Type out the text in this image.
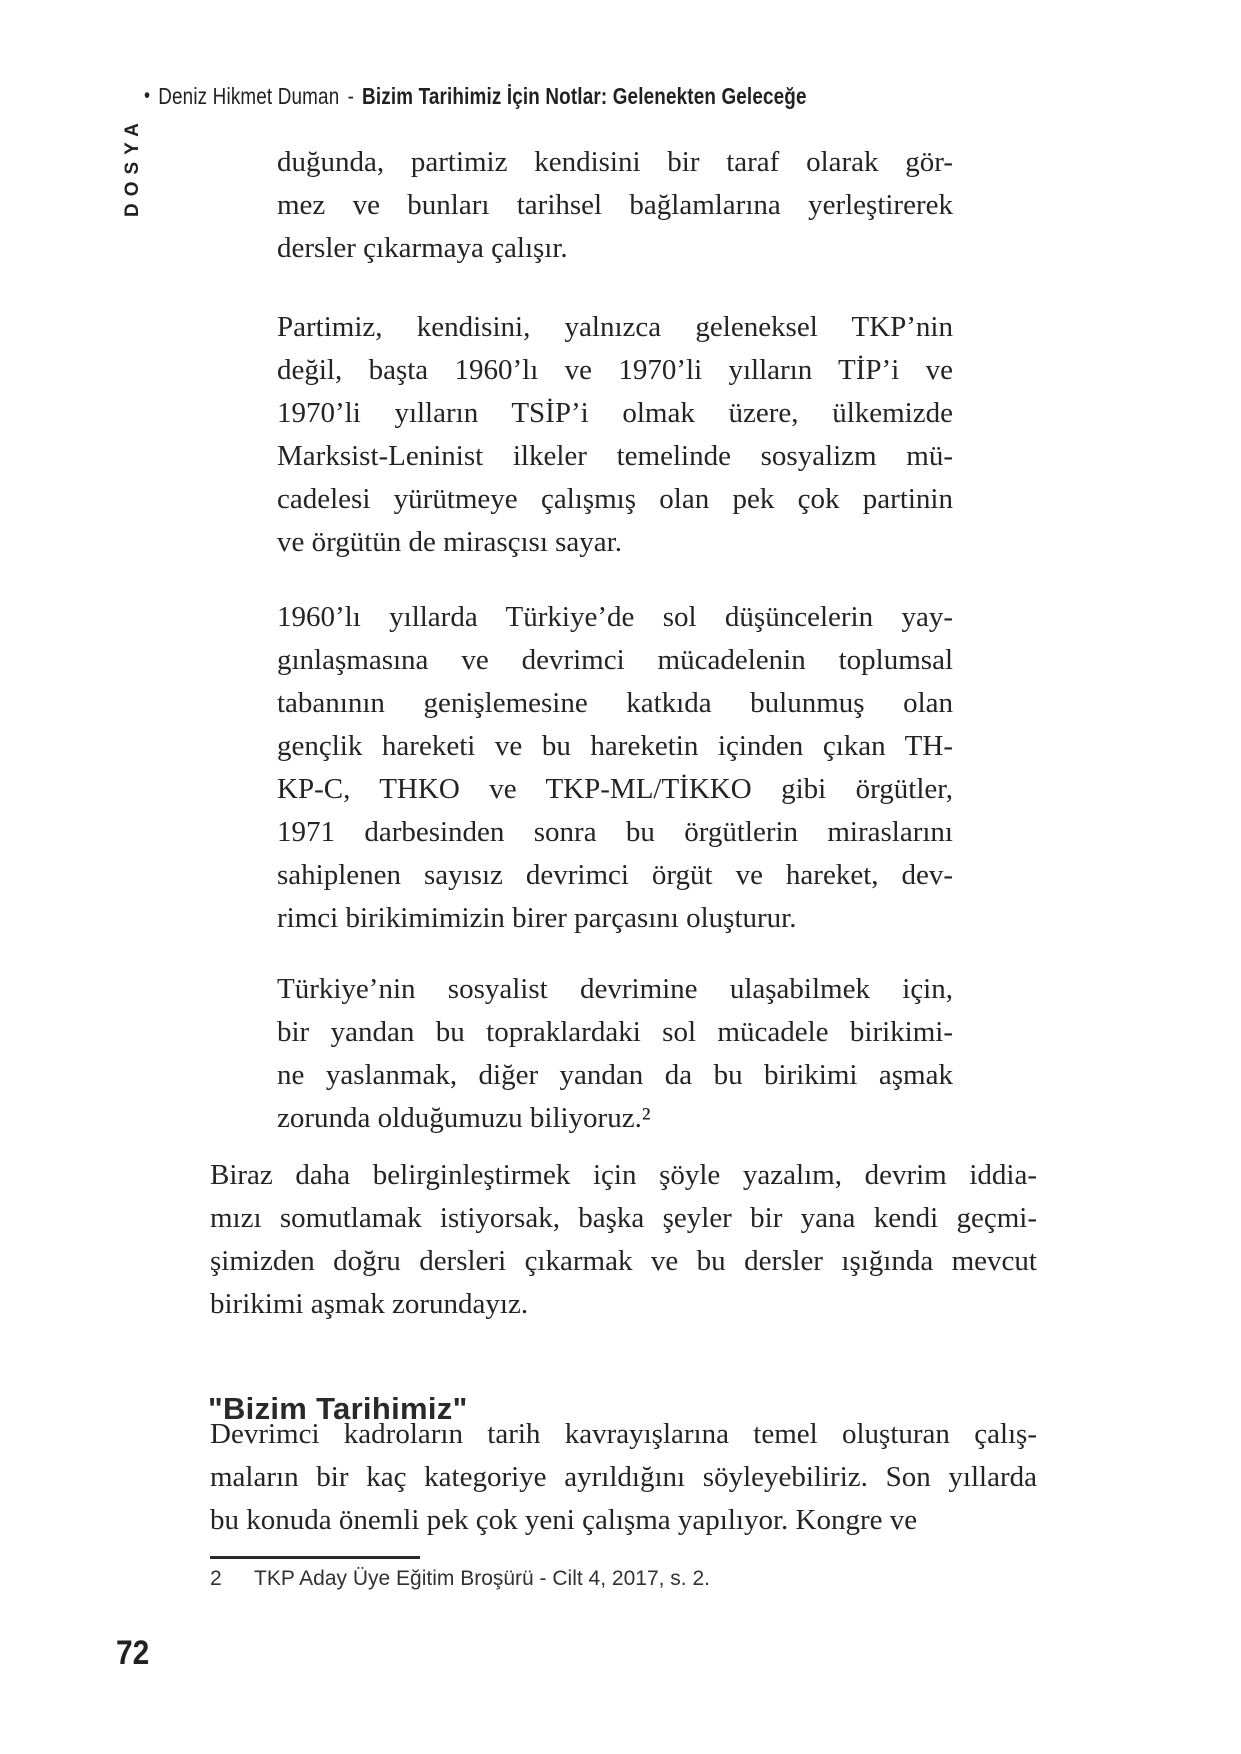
• Deniz Hikmet Duman - Bizim Tarihimiz İçin Notlar: Gelenekten Geleceğe
DOSYA	duğunda, partimiz kendisini bir taraf olarak gör-
mez ve bunları tarihsel bağlamlarına yerleştirerek
dersler çıkarmaya çalışır.
Partimiz, kendisini, yalnızca geleneksel TKP’nin
değil, başta 1960’lı ve 1970’li yılların TİP’i ve
1970’li yılların TSİP’i olmak üzere, ülkemizde
Marksist-Leninist ilkeler temelinde sosyalizm mü-
cadelesi yürütmeye çalışmış olan pek çok partinin
ve örgütün de mirasçısı sayar.
1960’lı yıllarda Türkiye’de sol düşüncelerin yay-
gınlaşmasına ve devrimci mücadelenin toplumsal
tabanının genişlemesine katkıda bulunmuş olan
gençlik hareketi ve bu hareketin içinden çıkan TH-
KP-C, THKO ve TKP-ML/TİKKO gibi örgütler,
1971 darbesinden sonra bu örgütlerin miraslarını
sahiplenen sayısız devrimci örgüt ve hareket, dev-
rimci birikimimizin birer parçasını oluşturur.
Türkiye’nin sosyalist devrimine ulaşabilmek için,
bir yandan bu topraklardaki sol mücadele birikimi-
ne yaslanmak, diğer yandan da bu birikimi aşmak
zorunda olduğumuzu biliyoruz.²
Biraz daha belirginleştirmek için şöyle yazalım, devrim iddia-
mızı somutlamak istiyorsak, başka şeyler bir yana kendi geçmi-
şimizden doğru dersleri çıkarmak ve bu dersler ışığında mevcut
birikimi aşmak zorundayız.
"Bizim Tarihimiz"
Devrimci kadroların tarih kavrayışlarına temel oluşturan çalış-
maların bir kaç kategoriye ayrıldığını söyleyebiliriz. Son yıllarda
bu konuda önemli pek çok yeni çalışma yapılıyor. Kongre ve
2	TKP Aday Üye Eğitim Broşürü - Cilt 4, 2017, s. 2.
72
